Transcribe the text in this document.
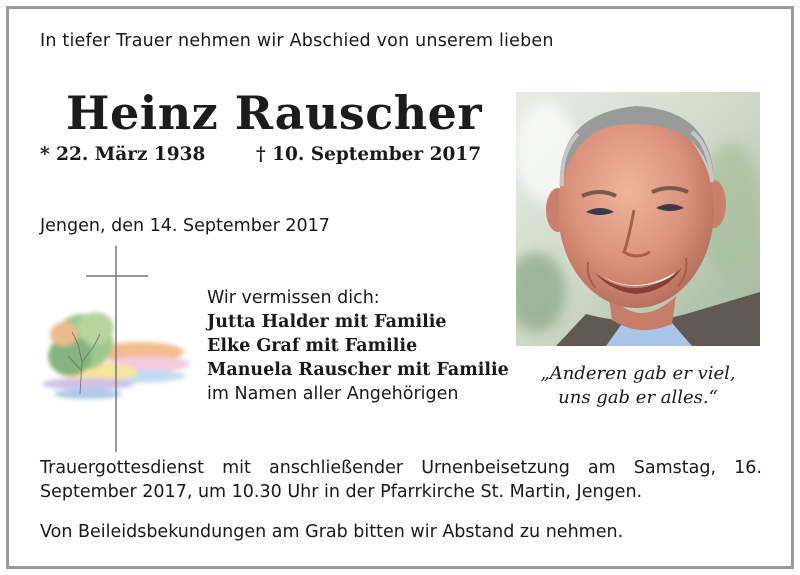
In tiefer Trauer nehmen wir Abschied von unserem lieben
Heinz Rauscher
* 22. März 1938	† 10. September 2017
Jengen, den 14. September 2017
Wir vermissen dich:
Jutta Halder mit Familie
Elke Graf mit Familie
Manuela Rauscher mit Familie
im Namen aller Angehörigen
„Anderen gab er viel,
uns gab er alles.“
Trauergottesdienst mit anschließender Urnenbeisetzung am Samstag, 16. September 2017, um 10.30 Uhr in der Pfarrkirche St. Martin, Jengen.
Von Beileidsbekundungen am Grab bitten wir Abstand zu nehmen.
